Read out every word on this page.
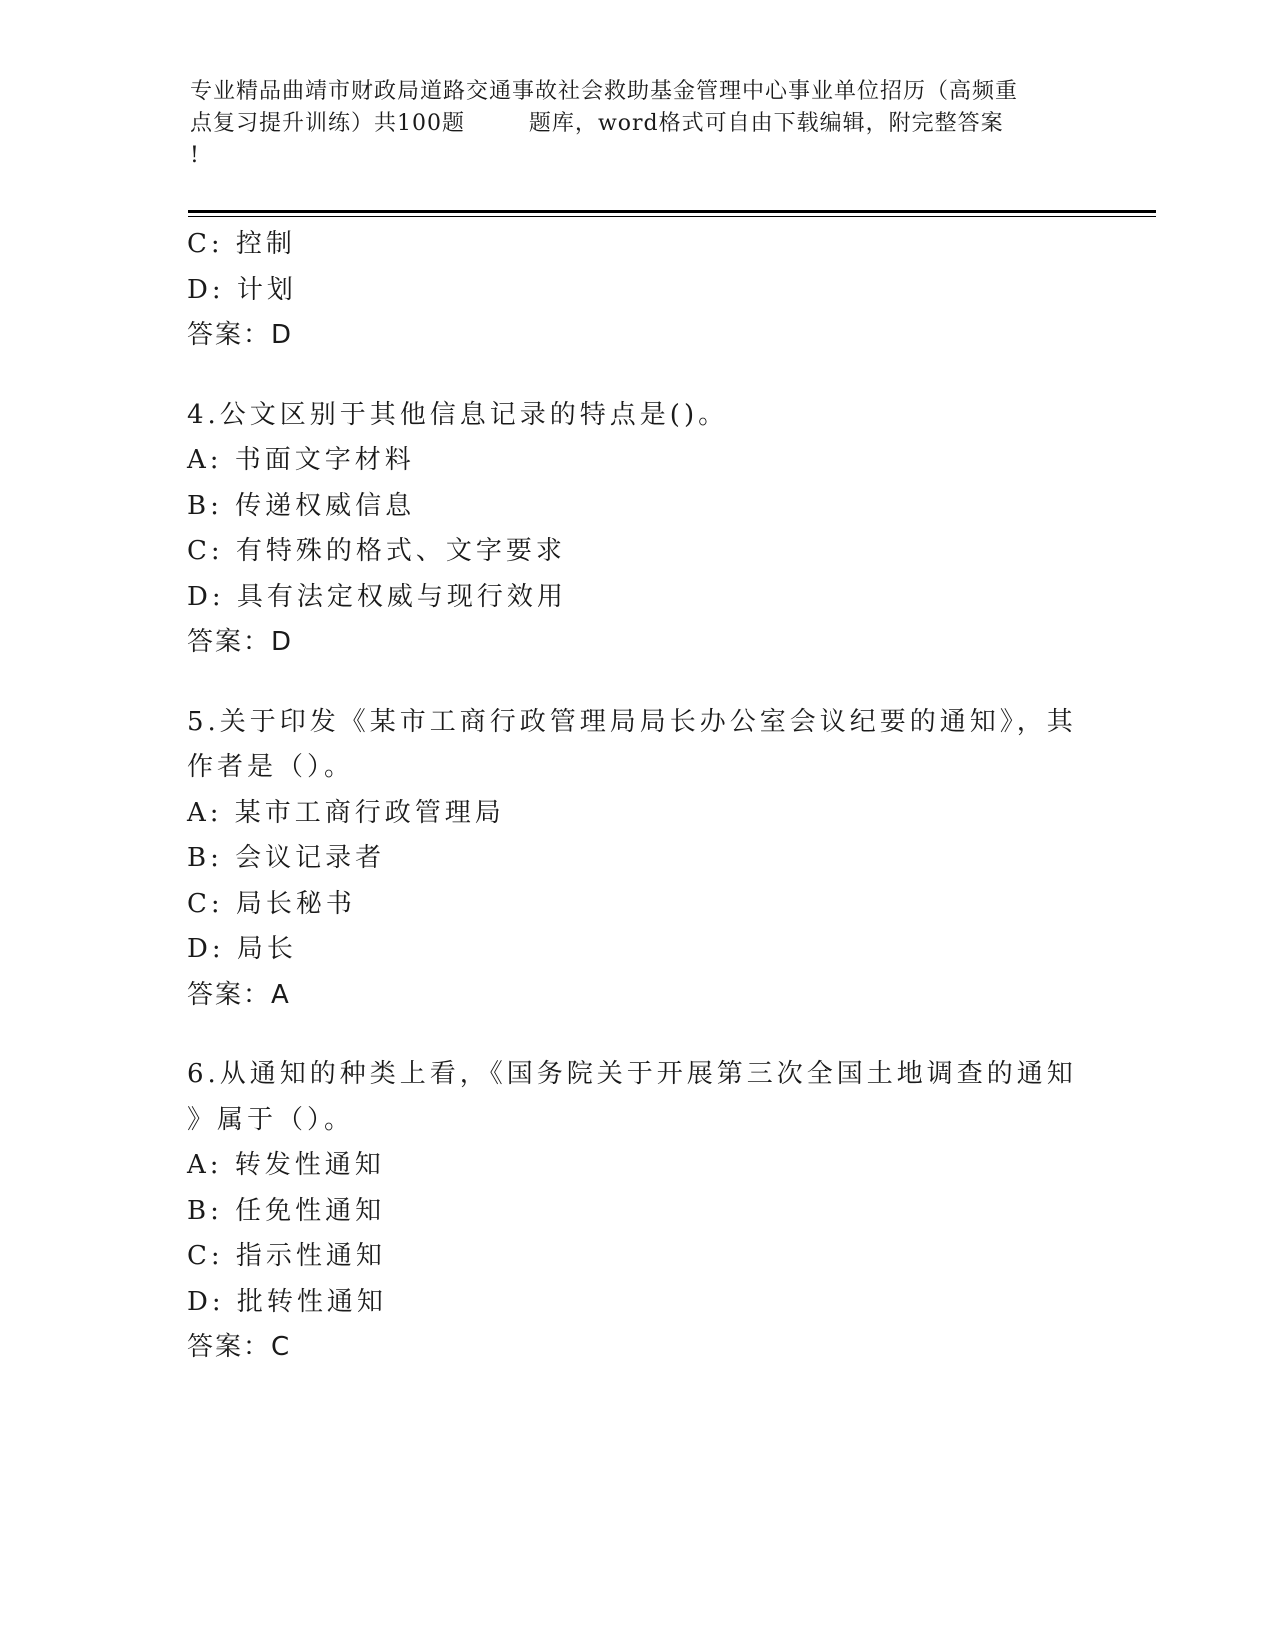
专业精品曲靖市财政局道路交通事故社会救助基金管理中心事业单位招历（高频重
点复习提升训练）共100题        题库，word格式可自由下载编辑，附完整答案
!
C: 控制
D: 计划
答案：D
4.公文区别于其他信息记录的特点是()。
A: 书面文字材料
B: 传递权威信息
C: 有特殊的格式、文字要求
D: 具有法定权威与现行效用
答案：D
5.关于印发《某市工商行政管理局局长办公室会议纪要的通知》，其
作者是（）。
A: 某市工商行政管理局
B: 会议记录者
C: 局长秘书
D: 局长
答案：A
6.从通知的种类上看，《国务院关于开展第三次全国土地调查的通知
》属于（）。
A: 转发性通知
B: 任免性通知
C: 指示性通知
D: 批转性通知
答案：C
